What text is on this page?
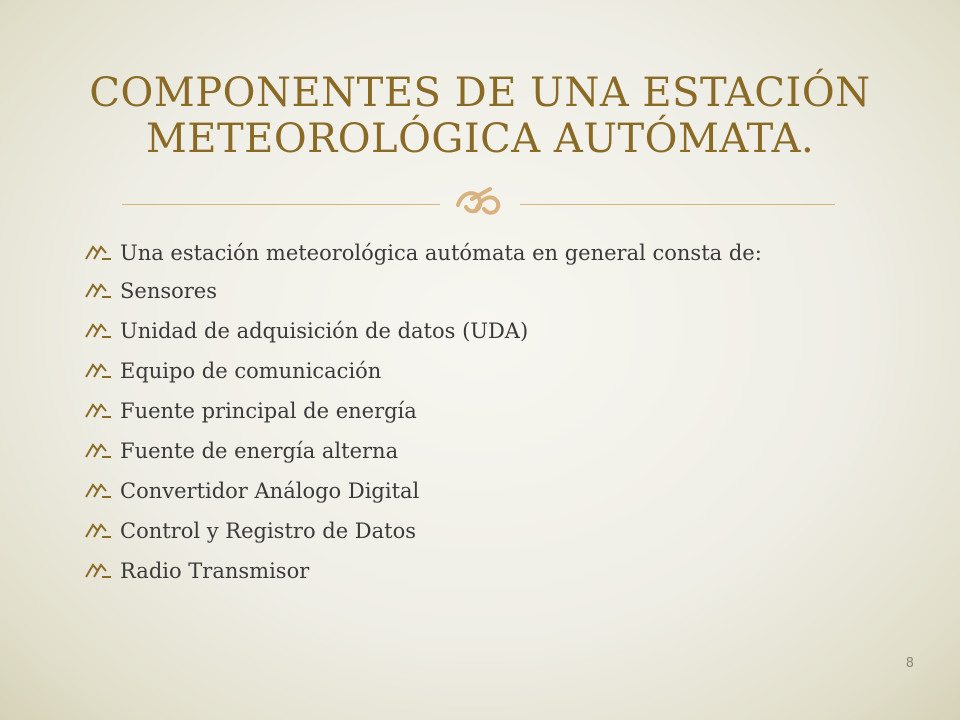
COMPONENTES DE UNA ESTACIÓN
METEOROLÓGICA AUTÓMATA.
Una estación meteorológica autómata en general consta de:
Sensores
Unidad de adquisición de datos (UDA)
Equipo de comunicación
Fuente principal de energía
Fuente de energía alterna
Convertidor Análogo Digital
Control y Registro de Datos
Radio Transmisor
8
